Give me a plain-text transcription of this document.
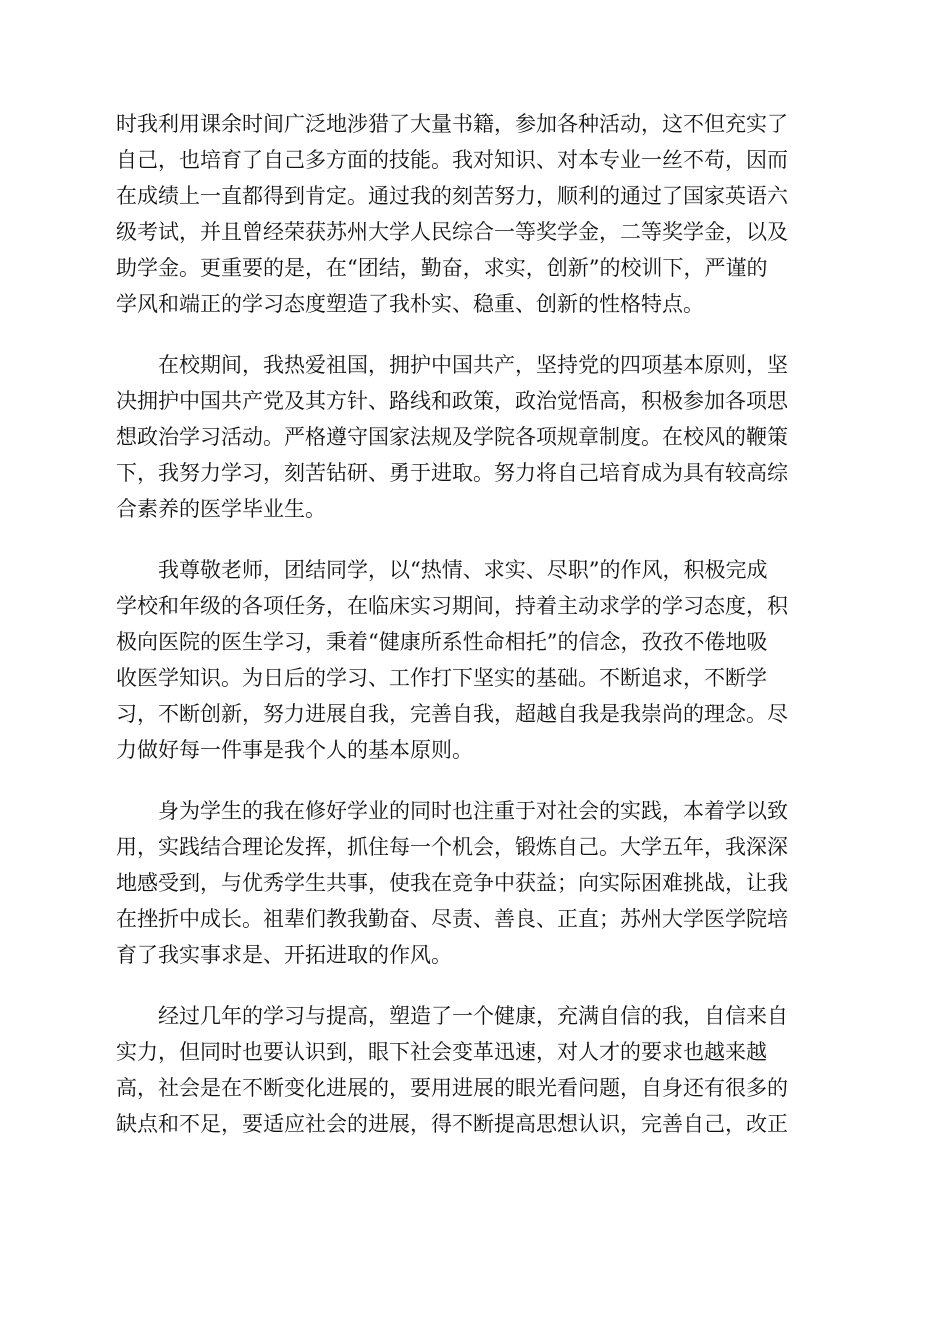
时我利用课余时间广泛地涉猎了大量书籍，参加各种活动，这不但充实了
自己，也培育了自己多方面的技能。我对知识、对本专业一丝不苟，因而
在成绩上一直都得到肯定。通过我的刻苦努力，顺利的通过了国家英语六
级考试，并且曾经荣获苏州大学人民综合一等奖学金，二等奖学金，以及
助学金。更重要的是，在“团结，勤奋，求实，创新”的校训下，严谨的
学风和端正的学习态度塑造了我朴实、稳重、创新的性格特点。
在校期间，我热爱祖国，拥护中国共产，坚持党的四项基本原则，坚
决拥护中国共产党及其方针、路线和政策，政治觉悟高，积极参加各项思
想政治学习活动。严格遵守国家法规及学院各项规章制度。在校风的鞭策
下，我努力学习，刻苦钻研、勇于进取。努力将自己培育成为具有较高综
合素养的医学毕业生。
我尊敬老师，团结同学，以“热情、求实、尽职”的作风，积极完成
学校和年级的各项任务，在临床实习期间，持着主动求学的学习态度，积
极向医院的医生学习，秉着“健康所系性命相托”的信念，孜孜不倦地吸
收医学知识。为日后的学习、工作打下坚实的基础。不断追求，不断学
习，不断创新，努力进展自我，完善自我，超越自我是我崇尚的理念。尽
力做好每一件事是我个人的基本原则。
身为学生的我在修好学业的同时也注重于对社会的实践，本着学以致
用，实践结合理论发挥，抓住每一个机会，锻炼自己。大学五年，我深深
地感受到，与优秀学生共事，使我在竞争中获益；向实际困难挑战，让我
在挫折中成长。祖辈们教我勤奋、尽责、善良、正直；苏州大学医学院培
育了我实事求是、开拓进取的作风。
经过几年的学习与提高，塑造了一个健康，充满自信的我，自信来自
实力，但同时也要认识到，眼下社会变革迅速，对人才的要求也越来越
高，社会是在不断变化进展的，要用进展的眼光看问题，自身还有很多的
缺点和不足，要适应社会的进展，得不断提高思想认识，完善自己，改正
